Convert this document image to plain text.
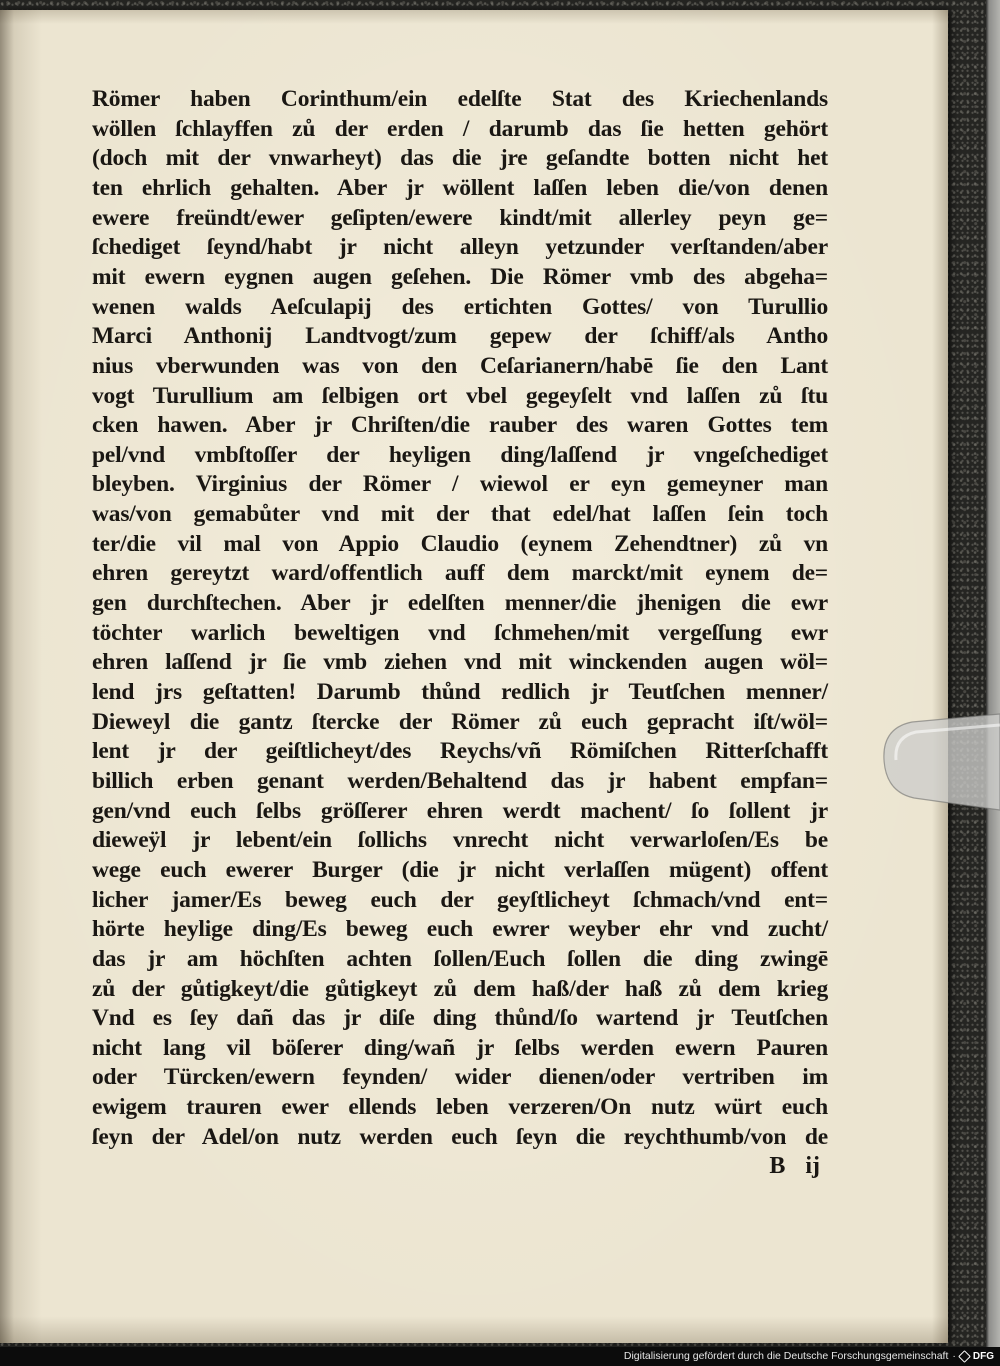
Römer haben Corinthum/ein edelſte Stat des Kriechenlands
wöllen ſchlayffen zů der erden / darumb das ſie hetten gehört
(doch mit der vnwarheyt) das die jre geſandte botten nicht het
ten ehrlich gehalten. Aber jr wöllent laſſen leben die/von denen
ewere freündt/ewer geſipten/ewere kindt/mit allerley peyn ge=
ſchediget ſeynd/habt jr nicht alleyn yetzunder verſtanden/aber
mit ewern eygnen augen geſehen. Die Römer vmb des abgeha=
wenen walds Aeſculapij des ertichten Gottes/ von Turullio
Marci Anthonij Landtvogt/zum gepew der ſchiff/als Antho
nius vberwunden was von den Ceſarianern/habē ſie den Lant
vogt Turullium am ſelbigen ort vbel gegeyſelt vnd laſſen zů ſtu
cken hawen. Aber jr Chriſten/die rauber des waren Gottes tem
pel/vnd vmbſtoſſer der heyligen ding/laſſend jr vngeſchediget
bleyben. Virginius der Römer / wiewol er eyn gemeyner man
was/von gemabůter vnd mit der that edel/hat laſſen ſein toch
ter/die vil mal von Appio Claudio (eynem Zehendtner) zů vn
ehren gereytzt ward/offentlich auff dem marckt/mit eynem de=
gen durchſtechen. Aber jr edelſten menner/die jhenigen die ewr
töchter warlich beweltigen vnd ſchmehen/mit vergeſſung ewr
ehren laſſend jr ſie vmb ziehen vnd mit winckenden augen wöl=
lend jrs geſtatten! Darumb thůnd redlich jr Teutſchen menner/
Dieweyl die gantz ſtercke der Römer zů euch gepracht iſt/wöl=
lent jr der geiſtlicheyt/des Reychs/vñ Römiſchen Ritterſchafft
billich erben genant werden/Behaltend das jr habent empfan=
gen/vnd euch ſelbs gröſſerer ehren werdt machent/ ſo ſollent jr
dieweÿl jr lebent/ein ſollichs vnrecht nicht verwarloſen/Es be
wege euch ewerer Burger (die jr nicht verlaſſen mügent) offent
licher jamer/Es beweg euch der geyſtlicheyt ſchmach/vnd ent=
hörte heylige ding/Es beweg euch ewrer weyber ehr vnd zucht/
das jr am höchſten achten ſollen/Euch ſollen die ding zwingē
zů der gůtigkeyt/die gůtigkeyt zů dem haß/der haß zů dem krieg
Vnd es ſey dañ das jr diſe ding thůnd/ſo wartend jr Teutſchen
nicht lang vil böſerer ding/wañ jr ſelbs werden ewern Pauren
oder Türcken/ewern feynden/ wider dienen/oder vertriben im
ewigem trauren ewer ellends leben verzeren/On nutz würt euch
ſeyn der Adel/on nutz werden euch ſeyn die reychthumb/von de
B ij
Digitalisierung gefördert durch die Deutsche Forschungsgemeinschaft · DFG
